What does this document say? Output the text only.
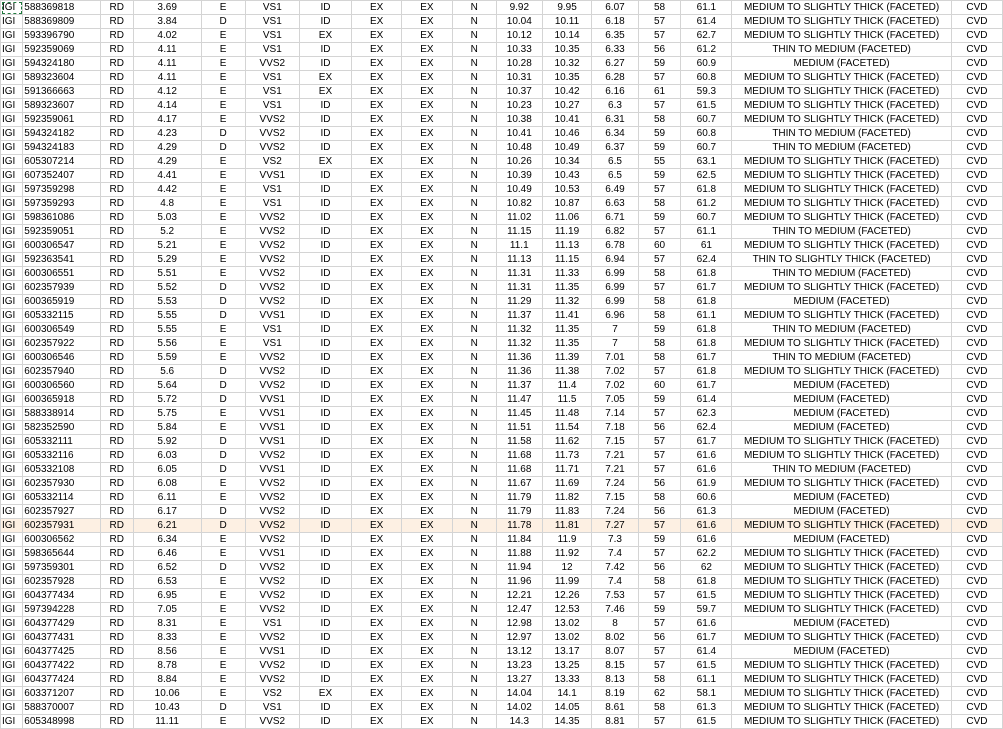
IGI	588369818	RD	3.69	E	VS1	ID	EX	EX	N	9.92	9.95	6.07	58	61.1	MEDIUM TO SLIGHTLY THICK (FACETED)	CVD
IGI	588369809	RD	3.84	D	VS1	ID	EX	EX	N	10.04	10.11	6.18	57	61.4	MEDIUM TO SLIGHTLY THICK (FACETED)	CVD
IGI	593396790	RD	4.02	E	VS1	EX	EX	EX	N	10.12	10.14	6.35	57	62.7	MEDIUM TO SLIGHTLY THICK (FACETED)	CVD
IGI	592359069	RD	4.11	E	VS1	ID	EX	EX	N	10.33	10.35	6.33	56	61.2	THIN TO MEDIUM (FACETED)	CVD
IGI	594324180	RD	4.11	E	VVS2	ID	EX	EX	N	10.28	10.32	6.27	59	60.9	MEDIUM (FACETED)	CVD
IGI	589323604	RD	4.11	E	VS1	EX	EX	EX	N	10.31	10.35	6.28	57	60.8	MEDIUM TO SLIGHTLY THICK (FACETED)	CVD
IGI	591366663	RD	4.12	E	VS1	EX	EX	EX	N	10.37	10.42	6.16	61	59.3	MEDIUM TO SLIGHTLY THICK (FACETED)	CVD
IGI	589323607	RD	4.14	E	VS1	ID	EX	EX	N	10.23	10.27	6.3	57	61.5	MEDIUM TO SLIGHTLY THICK (FACETED)	CVD
IGI	592359061	RD	4.17	E	VVS2	ID	EX	EX	N	10.38	10.41	6.31	58	60.7	MEDIUM TO SLIGHTLY THICK (FACETED)	CVD
IGI	594324182	RD	4.23	D	VVS2	ID	EX	EX	N	10.41	10.46	6.34	59	60.8	THIN TO MEDIUM (FACETED)	CVD
IGI	594324183	RD	4.29	D	VVS2	ID	EX	EX	N	10.48	10.49	6.37	59	60.7	THIN TO MEDIUM (FACETED)	CVD
IGI	605307214	RD	4.29	E	VS2	EX	EX	EX	N	10.26	10.34	6.5	55	63.1	MEDIUM TO SLIGHTLY THICK (FACETED)	CVD
IGI	607352407	RD	4.41	E	VVS1	ID	EX	EX	N	10.39	10.43	6.5	59	62.5	MEDIUM TO SLIGHTLY THICK (FACETED)	CVD
IGI	597359298	RD	4.42	E	VS1	ID	EX	EX	N	10.49	10.53	6.49	57	61.8	MEDIUM TO SLIGHTLY THICK (FACETED)	CVD
IGI	597359293	RD	4.8	E	VS1	ID	EX	EX	N	10.82	10.87	6.63	58	61.2	MEDIUM TO SLIGHTLY THICK (FACETED)	CVD
IGI	598361086	RD	5.03	E	VVS2	ID	EX	EX	N	11.02	11.06	6.71	59	60.7	MEDIUM TO SLIGHTLY THICK (FACETED)	CVD
IGI	592359051	RD	5.2	E	VVS2	ID	EX	EX	N	11.15	11.19	6.82	57	61.1	THIN TO MEDIUM (FACETED)	CVD
IGI	600306547	RD	5.21	E	VVS2	ID	EX	EX	N	11.1	11.13	6.78	60	61	MEDIUM TO SLIGHTLY THICK (FACETED)	CVD
IGI	592363541	RD	5.29	E	VVS2	ID	EX	EX	N	11.13	11.15	6.94	57	62.4	THIN TO SLIGHTLY THICK (FACETED)	CVD
IGI	600306551	RD	5.51	E	VVS2	ID	EX	EX	N	11.31	11.33	6.99	58	61.8	THIN TO MEDIUM (FACETED)	CVD
IGI	602357939	RD	5.52	D	VVS2	ID	EX	EX	N	11.31	11.35	6.99	57	61.7	MEDIUM TO SLIGHTLY THICK (FACETED)	CVD
IGI	600365919	RD	5.53	D	VVS2	ID	EX	EX	N	11.29	11.32	6.99	58	61.8	MEDIUM (FACETED)	CVD
IGI	605332115	RD	5.55	D	VVS1	ID	EX	EX	N	11.37	11.41	6.96	58	61.1	MEDIUM TO SLIGHTLY THICK (FACETED)	CVD
IGI	600306549	RD	5.55	E	VS1	ID	EX	EX	N	11.32	11.35	7	59	61.8	THIN TO MEDIUM (FACETED)	CVD
IGI	602357922	RD	5.56	E	VS1	ID	EX	EX	N	11.32	11.35	7	58	61.8	MEDIUM TO SLIGHTLY THICK (FACETED)	CVD
IGI	600306546	RD	5.59	E	VVS2	ID	EX	EX	N	11.36	11.39	7.01	58	61.7	THIN TO MEDIUM (FACETED)	CVD
IGI	602357940	RD	5.6	D	VVS2	ID	EX	EX	N	11.36	11.38	7.02	57	61.8	MEDIUM TO SLIGHTLY THICK (FACETED)	CVD
IGI	600306560	RD	5.64	D	VVS2	ID	EX	EX	N	11.37	11.4	7.02	60	61.7	MEDIUM (FACETED)	CVD
IGI	600365918	RD	5.72	D	VVS1	ID	EX	EX	N	11.47	11.5	7.05	59	61.4	MEDIUM (FACETED)	CVD
IGI	588338914	RD	5.75	E	VVS1	ID	EX	EX	N	11.45	11.48	7.14	57	62.3	MEDIUM (FACETED)	CVD
IGI	582352590	RD	5.84	E	VVS1	ID	EX	EX	N	11.51	11.54	7.18	56	62.4	MEDIUM (FACETED)	CVD
IGI	605332111	RD	5.92	D	VVS1	ID	EX	EX	N	11.58	11.62	7.15	57	61.7	MEDIUM TO SLIGHTLY THICK (FACETED)	CVD
IGI	605332116	RD	6.03	D	VVS2	ID	EX	EX	N	11.68	11.73	7.21	57	61.6	MEDIUM TO SLIGHTLY THICK (FACETED)	CVD
IGI	605332108	RD	6.05	D	VVS1	ID	EX	EX	N	11.68	11.71	7.21	57	61.6	THIN TO MEDIUM (FACETED)	CVD
IGI	602357930	RD	6.08	E	VVS2	ID	EX	EX	N	11.67	11.69	7.24	56	61.9	MEDIUM TO SLIGHTLY THICK (FACETED)	CVD
IGI	605332114	RD	6.11	E	VVS2	ID	EX	EX	N	11.79	11.82	7.15	58	60.6	MEDIUM (FACETED)	CVD
IGI	602357927	RD	6.17	D	VVS2	ID	EX	EX	N	11.79	11.83	7.24	56	61.3	MEDIUM (FACETED)	CVD
IGI	602357931	RD	6.21	D	VVS2	ID	EX	EX	N	11.78	11.81	7.27	57	61.6	MEDIUM TO SLIGHTLY THICK (FACETED)	CVD
IGI	600306562	RD	6.34	E	VVS2	ID	EX	EX	N	11.84	11.9	7.3	59	61.6	MEDIUM (FACETED)	CVD
IGI	598365644	RD	6.46	E	VVS1	ID	EX	EX	N	11.88	11.92	7.4	57	62.2	MEDIUM TO SLIGHTLY THICK (FACETED)	CVD
IGI	597359301	RD	6.52	D	VVS2	ID	EX	EX	N	11.94	12	7.42	56	62	MEDIUM TO SLIGHTLY THICK (FACETED)	CVD
IGI	602357928	RD	6.53	E	VVS2	ID	EX	EX	N	11.96	11.99	7.4	58	61.8	MEDIUM TO SLIGHTLY THICK (FACETED)	CVD
IGI	604377434	RD	6.95	E	VVS2	ID	EX	EX	N	12.21	12.26	7.53	57	61.5	MEDIUM TO SLIGHTLY THICK (FACETED)	CVD
IGI	597394228	RD	7.05	E	VVS2	ID	EX	EX	N	12.47	12.53	7.46	59	59.7	MEDIUM TO SLIGHTLY THICK (FACETED)	CVD
IGI	604377429	RD	8.31	E	VS1	ID	EX	EX	N	12.98	13.02	8	57	61.6	MEDIUM (FACETED)	CVD
IGI	604377431	RD	8.33	E	VVS2	ID	EX	EX	N	12.97	13.02	8.02	56	61.7	MEDIUM TO SLIGHTLY THICK (FACETED)	CVD
IGI	604377425	RD	8.56	E	VVS1	ID	EX	EX	N	13.12	13.17	8.07	57	61.4	MEDIUM (FACETED)	CVD
IGI	604377422	RD	8.78	E	VVS2	ID	EX	EX	N	13.23	13.25	8.15	57	61.5	MEDIUM TO SLIGHTLY THICK (FACETED)	CVD
IGI	604377424	RD	8.84	E	VVS2	ID	EX	EX	N	13.27	13.33	8.13	58	61.1	MEDIUM TO SLIGHTLY THICK (FACETED)	CVD
IGI	603371207	RD	10.06	E	VS2	EX	EX	EX	N	14.04	14.1	8.19	62	58.1	MEDIUM TO SLIGHTLY THICK (FACETED)	CVD
IGI	588370007	RD	10.43	D	VS1	ID	EX	EX	N	14.02	14.05	8.61	58	61.3	MEDIUM TO SLIGHTLY THICK (FACETED)	CVD
IGI	605348998	RD	11.11	E	VVS2	ID	EX	EX	N	14.3	14.35	8.81	57	61.5	MEDIUM TO SLIGHTLY THICK (FACETED)	CVD
